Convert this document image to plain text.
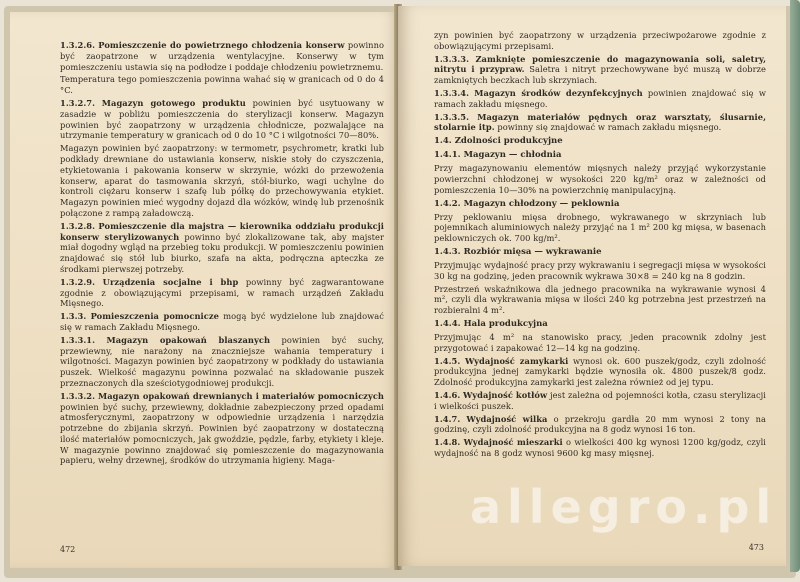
1.3.2.6. Pomieszczenie do powietrznego chłodzenia konserw powinno być zaopatrzone w urządzenia wentylacyjne. Konserwy w tym pomieszczeniu ustawia się na podłodze i poddaje chłodzeniu powietrznemu.
Temperatura tego pomieszczenia powinna wahać się w granicach od 0 do 4 °C.
1.3.2.7. Magazyn gotowego produktu powinien być usytuowany w zasadzie w pobliżu pomieszczenia do sterylizacji konserw. Magazyn powinien być zaopatrzony w urządzenia chłodnicze, pozwalające na utrzymanie temperatury w granicach od 0 do 10 °C i wilgotności 70—80%.
Magazyn powinien być zaopatrzony: w termometr, psychrometr, kratki lub podkłady drewniane do ustawiania konserw, niskie stoły do czyszczenia, etykietowania i pakowania konserw w skrzynie, wózki do przewożenia konserw, aparat do tasmowania skrzyń, stół-biurko, wagi uchylne do kontroli ciężaru konserw i szafę lub półkę do przechowywania etykiet. Magazyn powinien mieć wygodny dojazd dla wózków, windę lub przenośnik połączone z rampą załadowczą.
1.3.2.8. Pomieszczenie dla majstra — kierownika oddziału produkcji konserw sterylizowanych powinno być zlokalizowane tak, aby majster miał dogodny wgląd na przebieg toku produkcji. W pomieszczeniu powinien znajdować się stół lub biurko, szafa na akta, podręczna apteczka ze środkami pierwszej potrzeby.
1.3.2.9. Urządzenia socjalne i bhp powinny być zagwarantowane zgodnie z obowiązującymi przepisami, w ramach urządzeń Zakładu Mięsnego.
1.3.3. Pomieszczenia pomocnicze mogą być wydzielone lub znajdować się w ramach Zakładu Mięsnego.
1.3.3.1. Magazyn opakowań blaszanych powinien być suchy, przewiewny, nie narażony na znaczniejsze wahania temperatury i wilgotności. Magazyn powinien być zaopatrzony w podkłady do ustawiania puszek. Wielkość magazynu powinna pozwalać na składowanie puszek przeznaczonych dla sześciotygodniowej produkcji.
1.3.3.2. Magazyn opakowań drewnianych i materiałów pomocniczych powinien być suchy, przewiewny, dokładnie zabezpieczony przed opadami atmosferycznymi, zaopatrzony w odpowiednie urządzenia i narzędzia potrzebne do zbijania skrzyń. Powinien być zaopatrzony w dostateczną ilość materiałów pomocniczych, jak gwoździe, pędzle, farby, etykiety i kleje. W magazynie powinno znajdować się pomieszczenie do magazynowania papieru, wełny drzewnej, środków do utrzymania higieny. Maga-
472
zyn powinien być zaopatrzony w urządzenia przeciwpożarowe zgodnie z obowiązującymi przepisami.
1.3.3.3. Zamknięte pomieszczenie do magazynowania soli, saletry, nitrytu i przypraw. Saletra i nitryt przechowywane być muszą w dobrze zamkniętych beczkach lub skrzyniach.
1.3.3.4. Magazyn środków dezynfekcyjnych powinien znajdować się w ramach zakładu mięsnego.
1.3.3.5. Magazyn materiałów pędnych oraz warsztaty, ślusarnie, stolarnie itp. powinny się znajdować w ramach zakładu mięsnego.
1.4. Zdolności produkcyjne
1.4.1. Magazyn — chłodnia
Przy magazynowaniu elementów mięsnych należy przyjąć wykorzystanie powierzchni chłodzonej w wysokości 220 kg/m² oraz w zależności od pomieszczenia 10—30% na powierzchnię manipulacyjną.
1.4.2. Magazyn chłodzony — peklownia
Przy peklowaniu mięsa drobnego, wykrawanego w skrzyniach lub pojemnikach aluminiowych należy przyjąć na 1 m² 200 kg mięsa, w basenach peklowniczych ok. 700 kg/m².
1.4.3. Rozbiór mięsa — wykrawanie
Przyjmując wydajność pracy przy wykrawaniu i segregacji mięsa w wysokości 30 kg na godzinę, jeden pracownik wykrawa 30×8 = 240 kg na 8 godzin.
Przestrzeń wskaźnikowa dla jednego pracownika na wykrawanie wynosi 4 m², czyli dla wykrawania mięsa w ilości 240 kg potrzebna jest przestrzeń na rozbieralni 4 m².
1.4.4. Hala produkcyjna
Przyjmując 4 m² na stanowisko pracy, jeden pracownik zdolny jest przygotować i zapakować 12—14 kg na godzinę.
1.4.5. Wydajność zamykarki wynosi ok. 600 puszek/godz, czyli zdolność produkcyjna jednej zamykarki będzie wynosiła ok. 4800 puszek/8 godz. Zdolność produkcyjna zamykarki jest zależna również od jej typu.
1.4.6. Wydajność kotłów jest zależna od pojemności kotła, czasu sterylizacji i wielkości puszek.
1.4.7. Wydajność wilka o przekroju gardła 20 mm wynosi 2 tony na godzinę, czyli zdolność produkcyjna na 8 godz wynosi 16 ton.
1.4.8. Wydajność mieszarki o wielkości 400 kg wynosi 1200 kg/godz, czyli wydajność na 8 godz wynosi 9600 kg masy mięsnej.
473
allegro.pl
